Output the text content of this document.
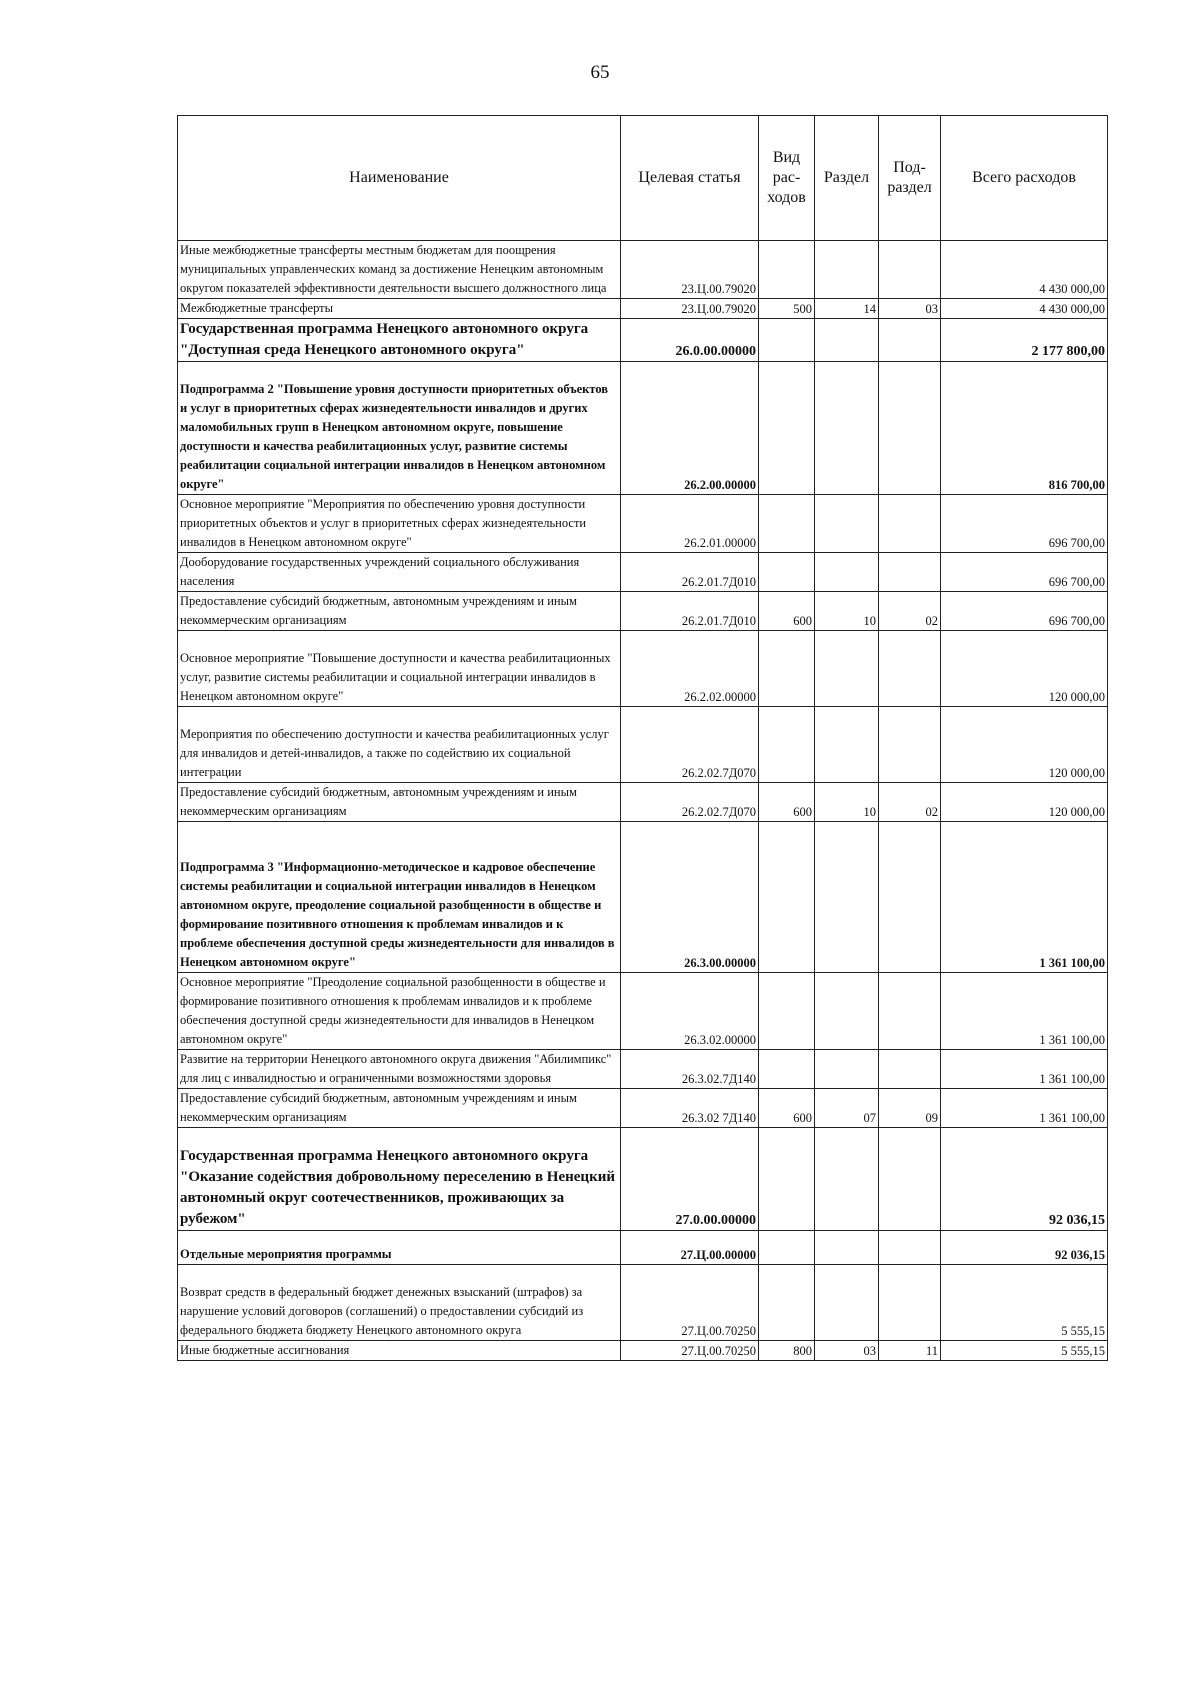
65
Наименование	Целевая статья	Вид рас-ходов	Раздел	Под-раздел	Всего расходов
Иные межбюджетные трансферты местным бюджетам для поощрения муниципальных управленческих команд за достижение Ненецким автономным округом показателей эффективности деятельности высшего должностного лица	23.Ц.00.79020				4 430 000,00
Межбюджетные трансферты	23.Ц.00.79020	500	14	03	4 430 000,00
Государственная программа Ненецкого автономного округа "Доступная среда Ненецкого автономного округа"	26.0.00.00000				2 177 800,00
Подпрограмма 2 "Повышение уровня доступности приоритетных объектов и услуг в приоритетных сферах жизнедеятельности инвалидов и других маломобильных групп в Ненецком автономном округе, повышение доступности и качества реабилитационных услуг, развитие системы реабилитации социальной интеграции инвалидов в Ненецком автономном округе"	26.2.00.00000				816 700,00
Основное мероприятие "Мероприятия по обеспечению уровня доступности приоритетных объектов и услуг в приоритетных сферах жизнедеятельности инвалидов в Ненецком автономном округе"	26.2.01.00000				696 700,00
Дооборудование государственных учреждений социального обслуживания населения	26.2.01.7Д010				696 700,00
Предоставление субсидий бюджетным, автономным учреждениям и иным некоммерческим организациям	26.2.01.7Д010	600	10	02	696 700,00
Основное мероприятие "Повышение доступности и качества реабилитационных услуг, развитие системы реабилитации и социальной интеграции инвалидов в Ненецком автономном округе"	26.2.02.00000				120 000,00
Мероприятия по обеспечению доступности и качества реабилитационных услуг для инвалидов и детей-инвалидов, а также по содействию их социальной интеграции	26.2.02.7Д070				120 000,00
Предоставление субсидий бюджетным, автономным учреждениям и иным некоммерческим организациям	26.2.02.7Д070	600	10	02	120 000,00
Подпрограмма 3 "Информационно-методическое и кадровое обеспечение системы реабилитации и социальной интеграции инвалидов в Ненецком автономном округе, преодоление социальной разобщенности в обществе и формирование позитивного отношения к проблемам инвалидов и к проблеме обеспечения доступной среды жизнедеятельности для инвалидов в Ненецком автономном округе"	26.3.00.00000				1 361 100,00
Основное мероприятие "Преодоление социальной разобщенности в обществе и формирование позитивного отношения к проблемам инвалидов и к проблеме обеспечения доступной среды жизнедеятельности для инвалидов в Ненецком автономном округе"	26.3.02.00000				1 361 100,00
Развитие на территории Ненецкого автономного округа движения "Абилимпикс" для лиц с инвалидностью и ограниченными возможностями здоровья	26.3.02.7Д140				1 361 100,00
Предоставление субсидий бюджетным, автономным учреждениям и иным некоммерческим организациям	26.3.02 7Д140	600	07	09	1 361 100,00
Государственная программа Ненецкого автономного округа "Оказание содействия добровольному переселению в Ненецкий автономный округ соотечественников, проживающих за рубежом"	27.0.00.00000				92 036,15
Отдельные мероприятия программы	27.Ц.00.00000				92 036,15
Возврат средств в федеральный бюджет денежных взысканий (штрафов) за нарушение условий договоров (соглашений) о предоставлении субсидий из федерального бюджета бюджету Ненецкого автономного округа	27.Ц.00.70250				5 555,15
Иные бюджетные ассигнования	27.Ц.00.70250	800	03	11	5 555,15
